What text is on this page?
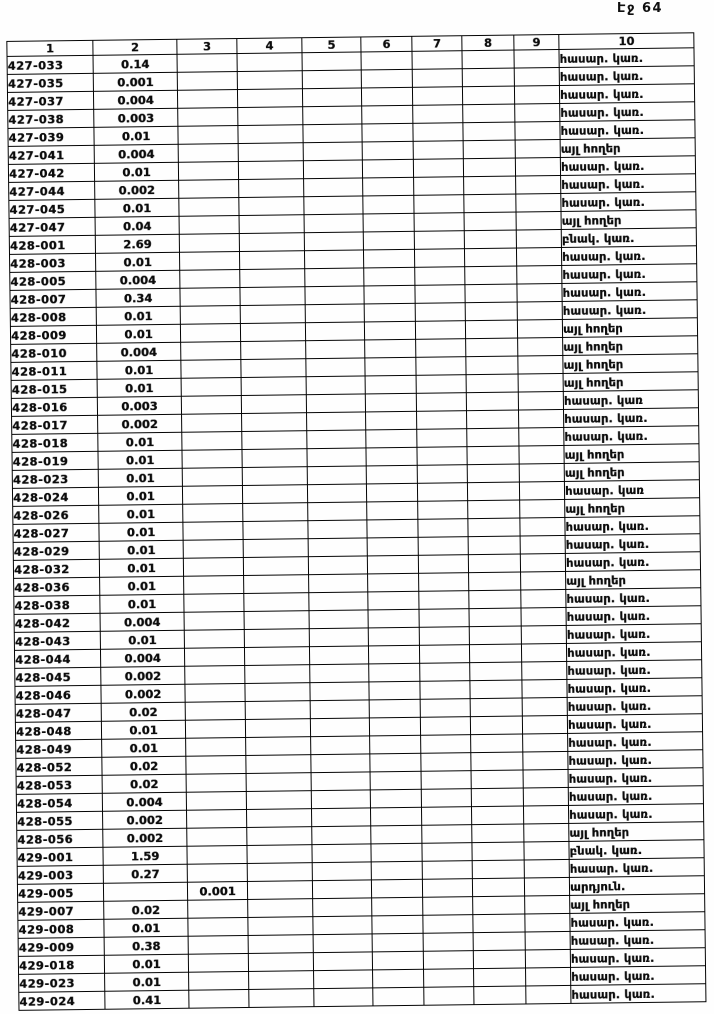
Էջ 64
1	2	3	4	5	6	7	8	9	10
427-033	0.14								հասար. կառ.
427-035	0.001								հասար. կառ.
427-037	0.004								հասար. կառ.
427-038	0.003								հասար. կառ.
427-039	0.01								հասար. կառ.
427-041	0.004								այլ հողեր
427-042	0.01								հասար. կառ.
427-044	0.002								հասար. կառ.
427-045	0.01								հասար. կառ.
427-047	0.04								այլ հողեր
428-001	2.69								բնակ. կառ.
428-003	0.01								հասար. կառ.
428-005	0.004								հասար. կառ.
428-007	0.34								հասար. կառ.
428-008	0.01								հասար. կառ.
428-009	0.01								այլ հողեր
428-010	0.004								այլ հողեր
428-011	0.01								այլ հողեր
428-015	0.01								այլ հողեր
428-016	0.003								հասար. կառ
428-017	0.002								հասար. կառ.
428-018	0.01								հասար. կառ.
428-019	0.01								այլ հողեր
428-023	0.01								այլ հողեր
428-024	0.01								հասար. կառ
428-026	0.01								այլ հողեր
428-027	0.01								հասար. կառ.
428-029	0.01								հասար. կառ.
428-032	0.01								հասար. կառ.
428-036	0.01								այլ հողեր
428-038	0.01								հասար. կառ.
428-042	0.004								հասար. կառ.
428-043	0.01								հասար. կառ.
428-044	0.004								հասար. կառ.
428-045	0.002								հասար. կառ.
428-046	0.002								հասար. կառ.
428-047	0.02								հասար. կառ.
428-048	0.01								հասար. կառ.
428-049	0.01								հասար. կառ.
428-052	0.02								հասար. կառ.
428-053	0.02								հասար. կառ.
428-054	0.004								հասար. կառ.
428-055	0.002								հասար. կառ.
428-056	0.002								այլ հողեր
429-001	1.59								բնակ. կառ.
429-003	0.27								հասար. կառ.
429-005		0.001							արդյուն.
429-007	0.02								այլ հողեր
429-008	0.01								հասար. կառ.
429-009	0.38								հասար. կառ.
429-018	0.01								հասար. կառ.
429-023	0.01								հասար. կառ.
429-024	0.41								հասար. կառ.
